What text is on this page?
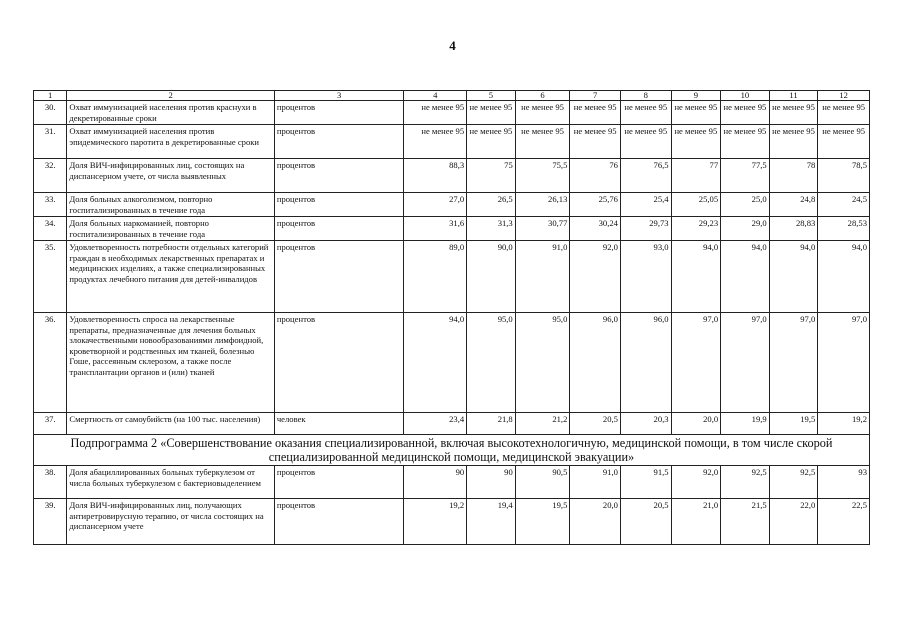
4
1	2	3	4	5	6	7	8	9	10	11	12
30.	Охват иммунизацией населения против краснухи в декретированные сроки	процентов	не менее 95	не менее 95	не менее 95	не менее 95	не менее 95	не менее 95	не менее 95	не менее 95	не менее 95
31.	Охват иммунизацией населения против эпидемического паротита в декретированные сроки	процентов	не менее 95	не менее 95	не менее 95	не менее 95	не менее 95	не менее 95	не менее 95	не менее 95	не менее 95
32.	Доля ВИЧ-инфицированных лиц, состоящих на диспансерном учете, от числа выявленных	процентов	88,3	75	75,5	76	76,5	77	77,5	78	78,5
33.	Доля больных алкоголизмом, повторно госпитализированных в течение года	процентов	27,0	26,5	26,13	25,76	25,4	25,05	25,0	24,8	24,5
34.	Доля больных наркоманией, повторно госпитализированных в течение года	процентов	31,6	31,3	30,77	30,24	29,73	29,23	29,0	28,83	28,53
35.	Удовлетворенность потребности отдельных категорий граждан в необходимых лекарственных препаратах и медицинских изделиях, а также специализированных продуктах лечебного питания для детей-инвалидов	процентов	89,0	90,0	91,0	92,0	93,0	94,0	94,0	94,0	94,0
36.	Удовлетворенность спроса на лекарственные препараты, предназначенные для лечения больных злокачественными новообразованиями лимфоидной, кроветворной и родственных им тканей, болезнью Гоше, рассеянным склерозом, а также после трансплантации органов и (или) тканей	процентов	94,0	95,0	95,0	96,0	96,0	97,0	97,0	97,0	97,0
37.	Смертность от самоубийств (на 100 тыс. населения)	человек	23,4	21,8	21,2	20,5	20,3	20,0	19,9	19,5	19,2
Подпрограмма 2 «Совершенствование оказания специализированной, включая высокотехнологичную, медицинской помощи, в том числе скорой специализированной медицинской помощи, медицинской эвакуации»											
38.	Доля абациллированных больных туберкулезом от числа больных туберкулезом с бактериовыделением	процентов	90	90	90,5	91,0	91,5	92,0	92,5	92,5	93
39.	Доля ВИЧ-инфицированных лиц, получающих антиретровирусную терапию, от числа состоящих на диспансерном учете	процентов	19,2	19,4	19,5	20,0	20,5	21,0	21,5	22,0	22,5
